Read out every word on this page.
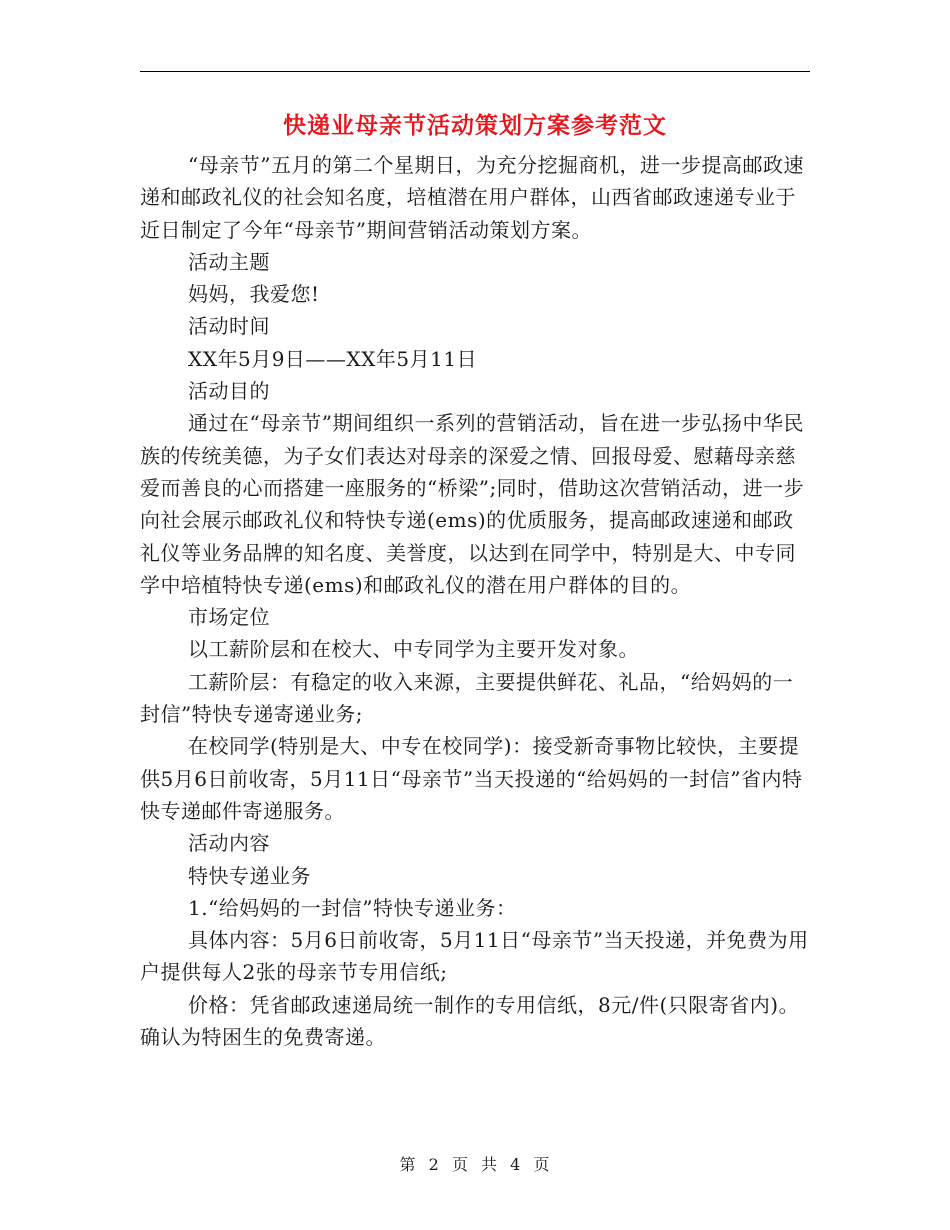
快递业母亲节活动策划方案参考范文

“母亲节”五月的第二个星期日，为充分挖掘商机，进一步提高邮政速递和邮政礼仪的社会知名度，培植潜在用户群体，山西省邮政速递专业于近日制定了今年“母亲节”期间营销活动策划方案。

活动主题

妈妈，我爱您!

活动时间

XX年5月9日——XX年5月11日

活动目的

通过在“母亲节”期间组织一系列的营销活动，旨在进一步弘扬中华民族的传统美德，为子女们表达对母亲的深爱之情、回报母爱、慰藉母亲慈爱而善良的心而搭建一座服务的“桥梁”;同时，借助这次营销活动，进一步向社会展示邮政礼仪和特快专递(ems)的优质服务，提高邮政速递和邮政礼仪等业务品牌的知名度、美誉度，以达到在同学中，特别是大、中专同学中培植特快专递(ems)和邮政礼仪的潜在用户群体的目的。

市场定位

以工薪阶层和在校大、中专同学为主要开发对象。

工薪阶层：有稳定的收入来源，主要提供鲜花、礼品，“给妈妈的一封信”特快专递寄递业务;

在校同学(特别是大、中专在校同学)：接受新奇事物比较快，主要提供5月6日前收寄，5月11日“母亲节”当天投递的“给妈妈的一封信”省内特快专递邮件寄递服务。

活动内容

特快专递业务

1.“给妈妈的一封信”特快专递业务：

具体内容：5月6日前收寄，5月11日“母亲节”当天投递，并免费为用户提供每人2张的母亲节专用信纸;

价格：凭省邮政速递局统一制作的专用信纸，8元/件(只限寄省内)。确认为特困生的免费寄递。

第 2 页 共 4 页
